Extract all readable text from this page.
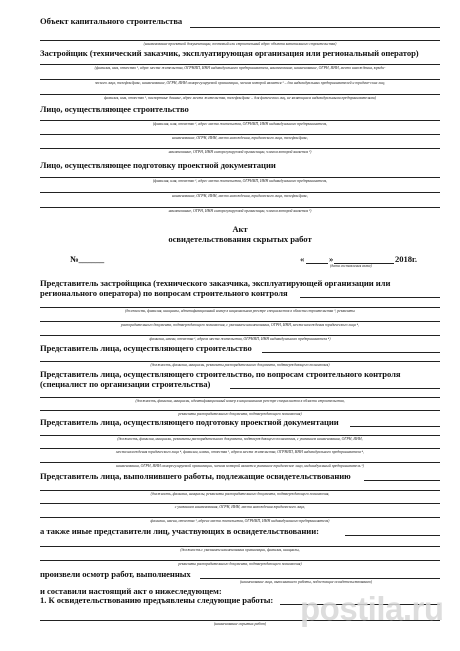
Объект капитального строительства
(наименование проектной документации, почтовый или строительный адрес объекта капитального строительства)
Застройщик (технический заказчик, эксплуатирующая организация или региональный оператор)
(фамилия, имя, отчество ¹, адрес места жительства, ОГРНИП, ИНН индивидуального предпринимателя, наименование, наименование, ОГРН, ИНН, место нахождения, юриди-
ческого лица, телефон/факс, наименование, ОГРН, ИНН саморегулируемой организации, членом которой является ² – для индивидуальных предпринимателей и юридиче-ских лиц;
фамилия, имя, отчество ¹, паспортные данные, адрес места жительства, телефон/факс – для физических лиц, не являющихся индивидуальными предпринимателями)
Лицо, осуществляющее строительство
(фамилия, имя, отчество ¹, адрес места жительства, ОГРНИП, ИНН индивидуального предпринимателя,
наименование, ОГРН, ИНН, место нахождения, юридического лица, телефон/факс,
наименование, ОГРН, ИНН саморегулируемой организации, членом которой является ²)
Лицо, осуществляющее подготовку проектной документации
(фамилия, имя, отчество ¹, адрес места жительства, ОГРНИП, ИНН индивидуального предпринимателя,
наименование, ОГРН, ИНН, место нахождения, юридического лица, телефон/факс,
наименование, ОГРН, ИНН саморегулируемой организации, членом которой является ²)
Акт
освидетельствования скрытых работ
№______	«	»	2018г.
(дата составления акта)
Представитель застройщика (технического заказчика, эксплуатирующей организации или
регионального оператора) по вопросам строительного контроля
(должность, фамилия, инициалы, идентификационный номер в национальном реестре специалистов в области строительства ³, реквизиты
распорядительного документа, подтверждающего полномочия, с указанием наименования, ОГРН, ИНН, места нахождения юридического лица ⁴,
фамилия, имени, отчества ¹, адреса места жительства, ОГРНИП, ИНН индивидуального предпринимателя ⁴)
Представитель лица, осуществляющего строительство
(должность, фамилия, инициалы, реквизиты распорядительного документа, подтверждающего полномочия)
Представитель лица, осуществляющего строительство, по вопросам строительного контроля
(специалист по организации строительства)
(должность, фамилия, инициалы, идентификационный номер в национальном реестре специалистов в области строительства,
реквизиты распорядительного документа, подтверждающего полномочия)
Представитель лица, осуществляющего подготовку проектной документации
(должность, фамилия, инициалы, реквизиты распорядительного документа, подтверждающего полномочия, с указанием наименования, ОГРН, ИНН,
места нахождения юридического лица ⁴, фамилии, имени, отчества ¹, адреса места жительства, ОГРНИП, ИНН индивидуального предпринимателя ⁴,
наименования, ОГРН, ИНН саморегулируемой организации, членом которой является указанное юридическое лицо, индивидуальный предприниматель ²)
Представитель лица, выполнившего работы, подлежащие освидетельствованию
(должность, фамилия, инициалы, реквизиты распорядительного документа, подтверждающего полномочия,
с указанием наименования, ОГРН, ИНН, места нахождения юридического лица,
фамилии, имени, отчества ¹, адреса места жительства, ОГРНИП, ИНН индивидуального предпринимателя)
а также иные представители лиц, участвующих в освидетельствовании:
(должность с указанием наименования организации, фамилия, инициалы,
реквизиты распорядительного документа, подтверждающего полномочия)
произвели осмотр работ, выполненных
(наименование лица, выполнившего работы, подлежащие освидетельствованию)
и составили настоящий акт о нижеследующем:
1. К освидетельствованию предъявлены следующие работы:
(наименование скрытых работ)	postila.ru
